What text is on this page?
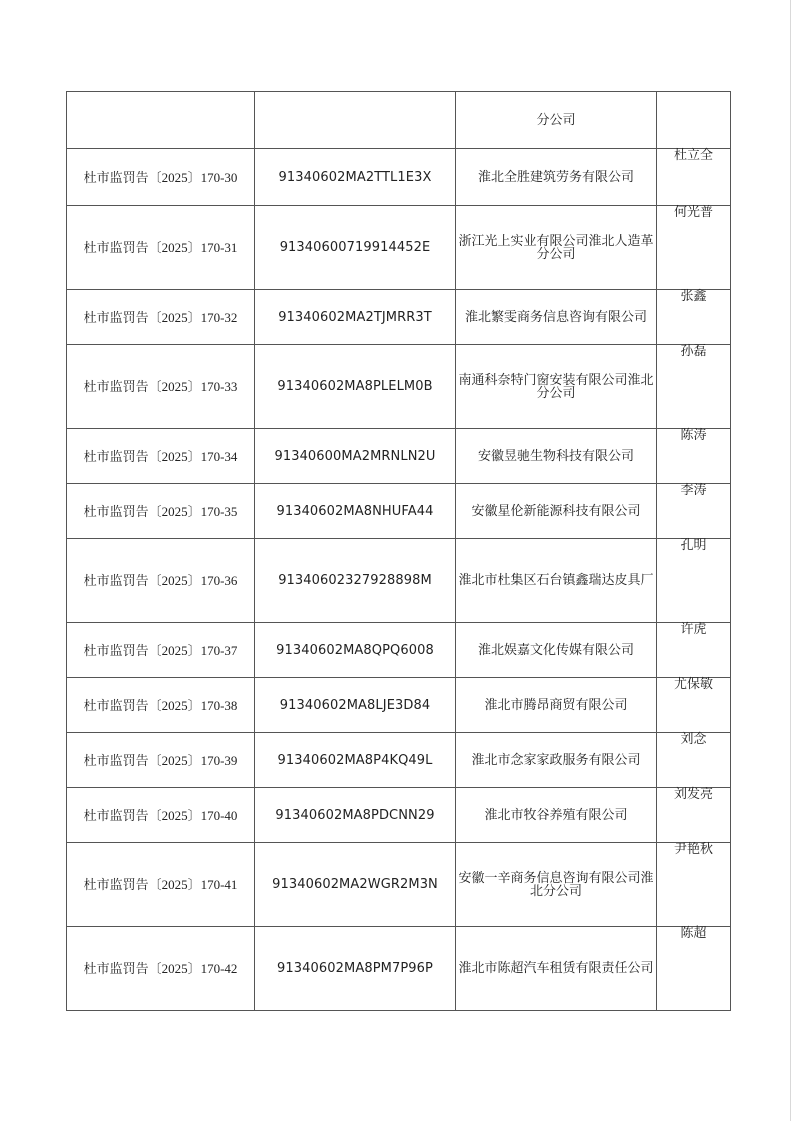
		分公司	
杜市监罚告〔2025〕170-30	91340602MA2TTL1E3X	淮北全胜建筑劳务有限公司	杜立全
杜市监罚告〔2025〕170-31	91340600719914452E	浙江光上实业有限公司淮北人造革分公司	何光普
杜市监罚告〔2025〕170-32	91340602MA2TJMRR3T	淮北繁雯商务信息咨询有限公司	张鑫
杜市监罚告〔2025〕170-33	91340602MA8PLELM0B	南通科奈特门窗安装有限公司淮北分公司	孙磊
杜市监罚告〔2025〕170-34	91340600MA2MRNLN2U	安徽昱驰生物科技有限公司	陈涛
杜市监罚告〔2025〕170-35	91340602MA8NHUFA44	安徽星伦新能源科技有限公司	李涛
杜市监罚告〔2025〕170-36	91340602327928898M	淮北市杜集区石台镇鑫瑞达皮具厂	孔明
杜市监罚告〔2025〕170-37	91340602MA8QPQ6008	淮北娱嘉文化传媒有限公司	许虎
杜市监罚告〔2025〕170-38	91340602MA8LJE3D84	淮北市腾昂商贸有限公司	尤保敏
杜市监罚告〔2025〕170-39	91340602MA8P4KQ49L	淮北市念家家政服务有限公司	刘念
杜市监罚告〔2025〕170-40	91340602MA8PDCNN29	淮北市牧谷养殖有限公司	刘发亮
杜市监罚告〔2025〕170-41	91340602MA2WGR2M3N	安徽一辛商务信息咨询有限公司淮北分公司	尹艳秋
杜市监罚告〔2025〕170-42	91340602MA8PM7P96P	淮北市陈超汽车租赁有限责任公司	陈超
